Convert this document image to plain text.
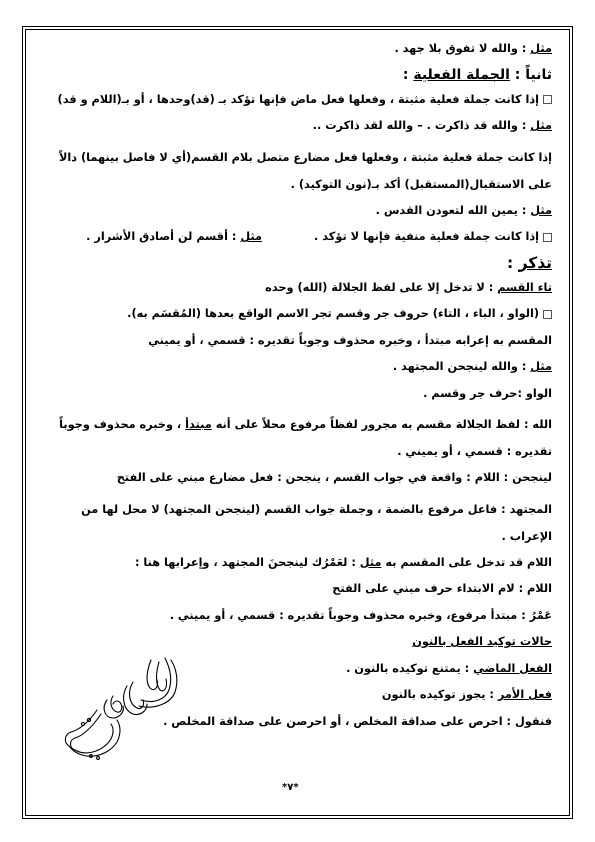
مثل : والله لا تفوق بلا جهد .
ثانياً : الجملة الفعلية :
إذا كانت جملة فعلية مثبتة ، وفعلها فعل ماض فإنها تؤكد بـ (قد)وحدها ، أو بـ(اللام و قد)
مثل : والله قد ذاكرت . – والله لقد ذاكرت ..
إذا كانت جملة فعلية مثبتة ، وفعلها فعل مضارع متصل بلام القسم(أي لا فاصل بينهما) دالاً على الاستقبال(المستقبل) أكد بـ(نون التوكيد) .
مثل : يمين الله لتعودن القدس .
إذا كانت جملة فعلية منفية فإنها لا تؤكد .مثل : أقسم لن أصادق الأشرار .
تذكر :
تاء القسم : لا تدخل إلا على لفظ الجلالة (الله) وحده
(الواو ، الباء ، التاء) حروف جر وقسم تجر الاسم الواقع بعدها (المُقسَم به).
المقسم به إعرابه مبتدأ ، وخبره محذوف وجوباً تقديره : قسمي ، أو يميني
مثل : والله لينجحن المجتهد .
الواو :حرف جر وقسم .
الله : لفظ الجلالة مقسم به مجرور لفظاً مرفوع محلاً على أنه مبتدأ ، وخبره محذوف وجوباً تقديره : قسمي ، أو يميني .
لينجحن : اللام : واقعة في جواب القسم ، ينجحن : فعل مضارع مبني على الفتح
المجتهد : فاعل مرفوع بالضمة ، وجملة جواب القسم (لينجحن المجتهد) لا محل لها من الإعراب .
اللام قد تدخل على المقسم به مثل : لعَمْرُك لينجحنَ المجتهد ، وإعرابها هنا :
اللام : لام الابتداء حرف مبني على الفتح
عَمْرُ : مبتدأ مرفوع، وخبره محذوف وجوباً تقديره : قسمي ، أو يميني .
حالات توكيد الفعل بالنون
الفعل الماضي : يمتنع توكيده بالنون .
فعل الأمر : يجوز توكيده بالنون
فنقول : احرص على صداقة المخلص ، أو احرصن على صداقة المخلص .
*٧*
